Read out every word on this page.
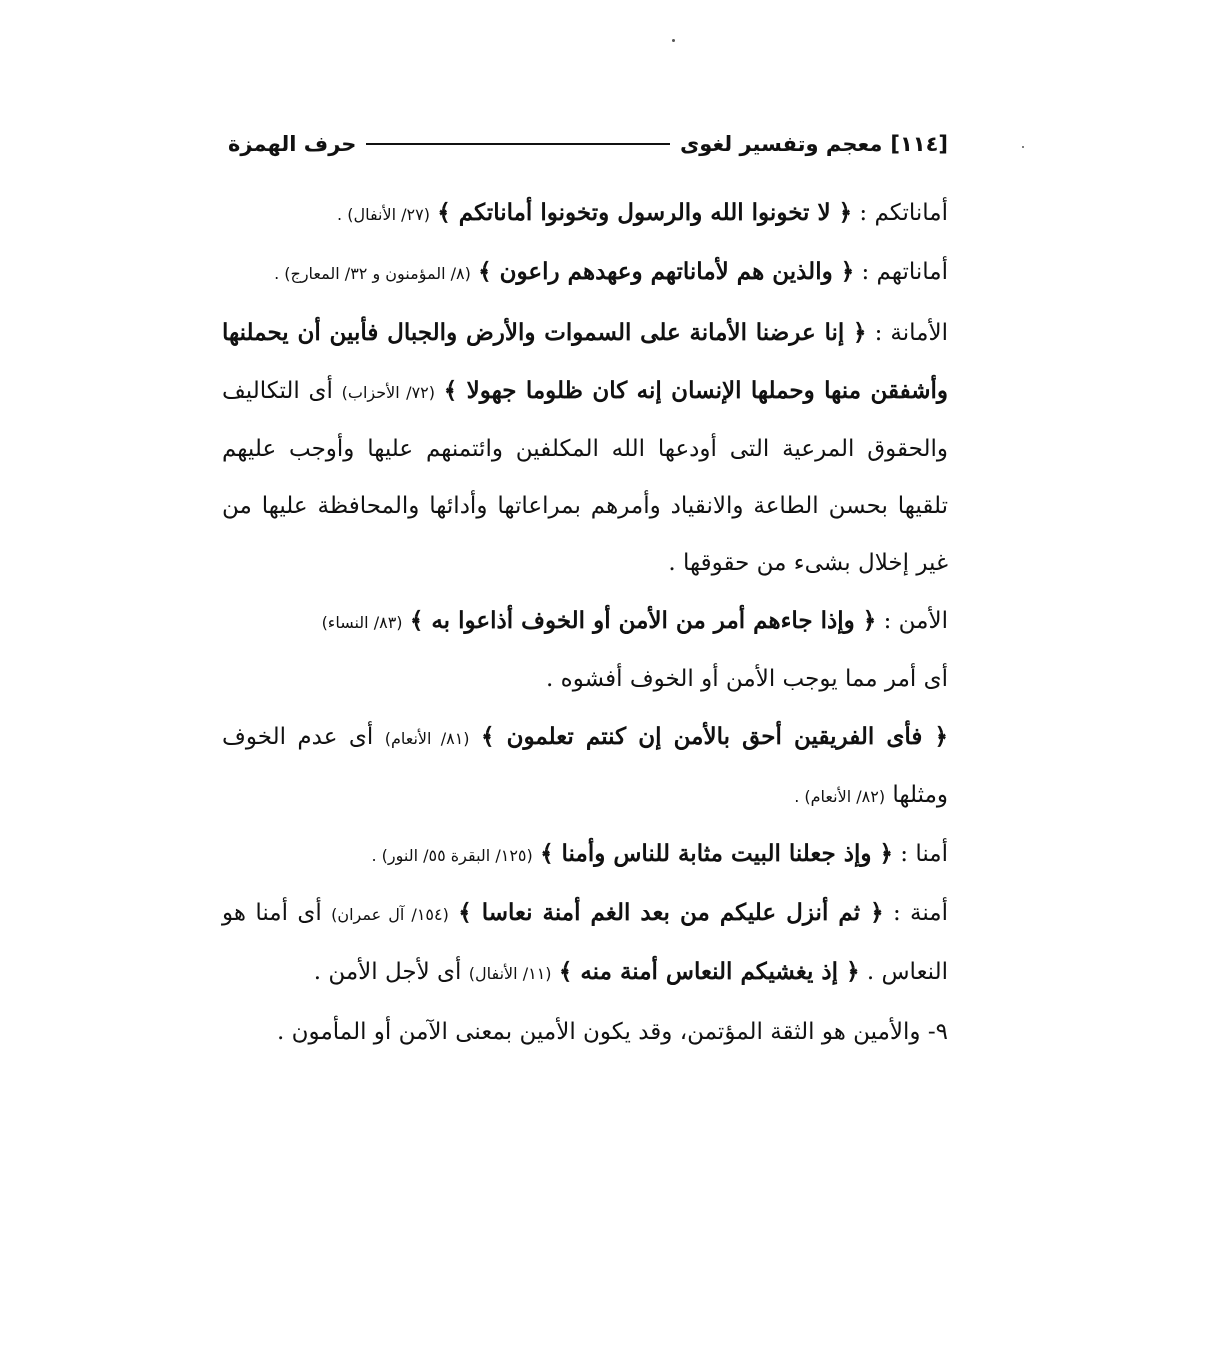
[١١٤]
معجم وتفسير لغوى
حرف الهمزة

أماناتكم : ﴿ لا تخونوا الله والرسول وتخونوا أماناتكم ﴾ (٢٧/ الأنفال) .

أماناتهم : ﴿ والذين هم لأماناتهم وعهدهم راعون ﴾ (٨/ المؤمنون و ٣٢/ المعارج) .

الأمانة : ﴿ إنا عرضنا الأمانة على السموات والأرض والجبال فأبين أن يحملنها وأشفقن منها وحملها الإنسان إنه كان ظلوما جهولا ﴾ (٧٢/ الأحزاب) أى التكاليف والحقوق المرعية التى أودعها الله المكلفين وائتمنهم عليها وأوجب عليهم تلقيها بحسن الطاعة والانقياد وأمرهم بمراعاتها وأدائها والمحافظة عليها من غير إخلال بشىء من حقوقها .

الأمن : ﴿ وإذا جاءهم أمر من الأمن أو الخوف أذاعوا به ﴾ (٨٣/ النساء)
أى أمر مما يوجب الأمن أو الخوف أفشوه .

﴿ فأى الفريقين أحق بالأمن إن كنتم تعلمون ﴾ (٨١/ الأنعام) أى عدم الخوف ومثلها (٨٢/ الأنعام) .

أمنا : ﴿ وإذ جعلنا البيت مثابة للناس وأمنا ﴾ (١٢٥/ البقرة ٥٥/ النور) .

أمنة : ﴿ ثم أنزل عليكم من بعد الغم أمنة نعاسا ﴾ (١٥٤/ آل عمران) أى أمنا هو النعاس . ﴿ إذ يغشيكم النعاس أمنة منه ﴾ (١١/ الأنفال) أى لأجل الأمن .

٩- والأمين هو الثقة المؤتمن، وقد يكون الأمين بمعنى الآمن أو المأمون .
